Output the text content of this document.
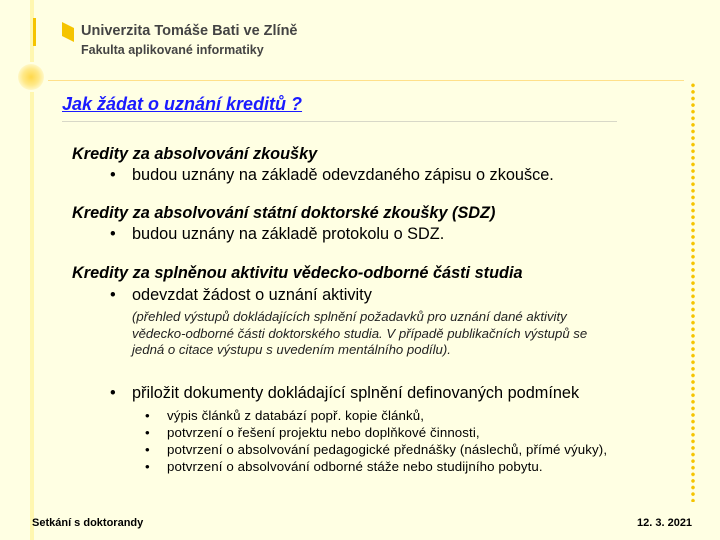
Univerzita Tomáše Bati ve Zlíně
Fakulta aplikované informatiky
Jak žádat o uznání kreditů ?
Kredity za absolvování zkoušky
• budou uznány na základě odevzdaného zápisu o zkoušce.
Kredity za absolvování státní doktorské zkoušky (SDZ)
• budou uznány na základě protokolu o SDZ.
Kredity za splněnou aktivitu vědecko-odborné části studia
• odevzdat žádost o uznání aktivity
(přehled výstupů dokládajících splnění požadavků pro uznání dané aktivity
vědecko-odborné části doktorského studia. V případě publikačních výstupů se
jedná o citace výstupu s uvedením mentálního podílu).
• přiložit dokumenty dokládající splnění definovaných podmínek
• výpis článků z databází popř. kopie článků,
• potvrzení o řešení projektu nebo doplňkové činnosti,
• potvrzení o absolvování pedagogické přednášky (náslechů, přímé výuky),
• potvrzení o absolvování odborné stáže nebo studijního pobytu.
Setkání s doktorandy	12. 3. 2021
